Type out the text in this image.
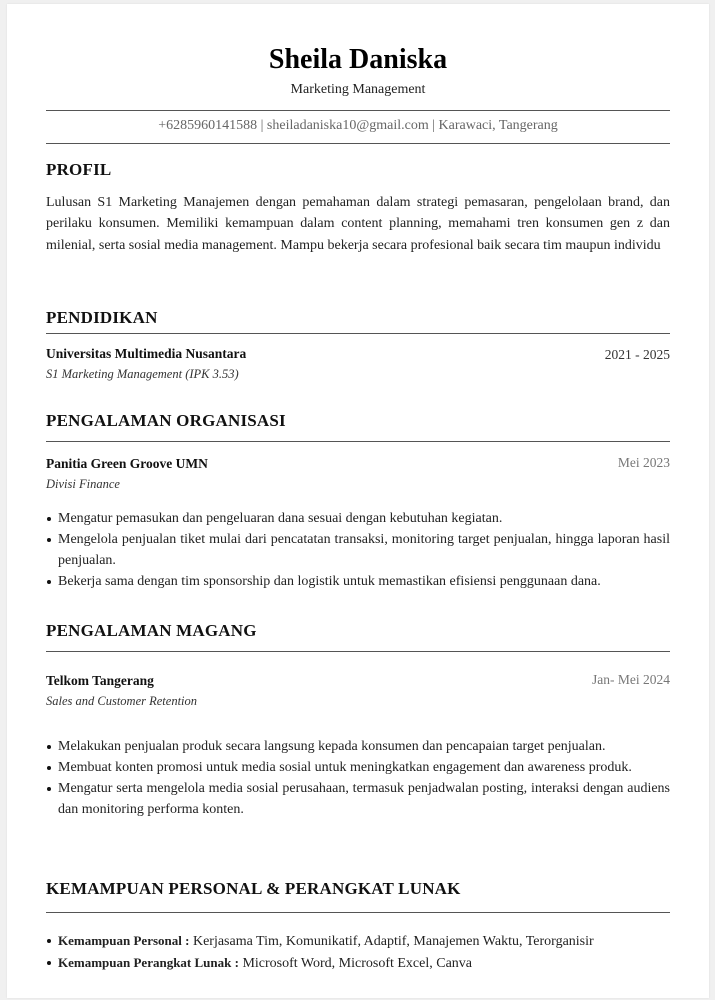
Sheila Daniska
Marketing Management
+6285960141588 | sheiladaniska10@gmail.com | Karawaci, Tangerang
PROFIL
Lulusan S1 Marketing Manajemen dengan pemahaman dalam strategi pemasaran, pengelolaan brand, dan perilaku konsumen. Memiliki kemampuan dalam content planning, memahami tren konsumen gen z dan milenial, serta sosial media management. Mampu bekerja secara profesional baik secara tim maupun individu
PENDIDIKAN
Universitas Multimedia Nusantara	2021 - 2025
S1 Marketing Management (IPK 3.53)
PENGALAMAN ORGANISASI
Panitia Green Groove UMN	Mei 2023
Divisi Finance
Mengatur pemasukan dan pengeluaran dana sesuai dengan kebutuhan kegiatan.
Mengelola penjualan tiket mulai dari pencatatan transaksi, monitoring target penjualan, hingga laporan hasil penjualan.
Bekerja sama dengan tim sponsorship dan logistik untuk memastikan efisiensi penggunaan dana.
PENGALAMAN MAGANG
Telkom Tangerang	Jan- Mei 2024
Sales and Customer Retention
Melakukan penjualan produk secara langsung kepada konsumen dan pencapaian target penjualan.
Membuat konten promosi untuk media sosial untuk meningkatkan engagement dan awareness produk.
Mengatur serta mengelola media sosial perusahaan, termasuk penjadwalan posting, interaksi dengan audiens dan monitoring performa konten.
KEMAMPUAN PERSONAL & PERANGKAT LUNAK
Kemampuan Personal : Kerjasama Tim, Komunikatif, Adaptif, Manajemen Waktu, Terorganisir
Kemampuan Perangkat Lunak : Microsoft Word, Microsoft Excel, Canva
